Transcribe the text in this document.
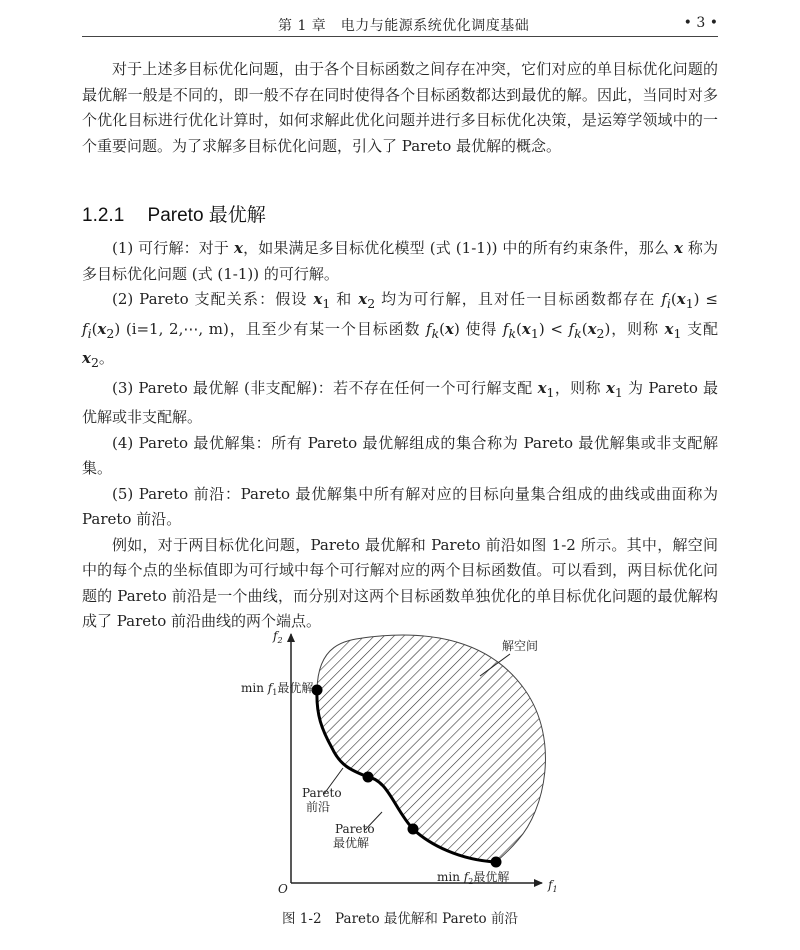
第 1 章　电力与能源系统优化调度基础	• 3 •

对于上述多目标优化问题，由于各个目标函数之间存在冲突，它们对应的单目标优化问题的最优解一般是不同的，即一般不存在同时使得各个目标函数都达到最优的解。因此，当同时对多个优化目标进行优化计算时，如何求解此优化问题并进行多目标优化决策，是运筹学领域中的一个重要问题。为了求解多目标优化问题，引入了 Pareto 最优解的概念。

1.2.1 Pareto 最优解

(1) 可行解：对于 x，如果满足多目标优化模型 (式 (1-1)) 中的所有约束条件，那么 x 称为多目标优化问题 (式 (1-1)) 的可行解。

(2) Pareto 支配关系：假设 $x_1$ 和 $x_2$ 均为可行解，且对任一目标函数都存在 $f_i(x_1) \le f_i(x_2)$ (i=1, 2,⋯, m)，且至少有某一个目标函数 $f_k(x)$ 使得 $f_k(x_1) < f_k(x_2)$，则称 $x_1$ 支配 $x_2$。

(3) Pareto 最优解 (非支配解)：若不存在任何一个可行解支配 $x_1$，则称 $x_1$ 为 Pareto 最优解或非支配解。

(4) Pareto 最优解集：所有 Pareto 最优解组成的集合称为 Pareto 最优解集或非支配解集。

(5) Pareto 前沿：Pareto 最优解集中所有解对应的目标向量集合组成的曲线或曲面称为 Pareto 前沿。

例如，对于两目标优化问题，Pareto 最优解和 Pareto 前沿如图 1-2 所示。其中，解空间中的每个点的坐标值即为可行域中每个可行解对应的两个目标函数值。可以看到，两目标优化问题的 Pareto 前沿是一个曲线，而分别对这两个目标函数单独优化的单目标优化问题的最优解构成了 Pareto 前沿曲线的两个端点。

$f_2$
$f_1$
O
解空间
$\min f_1$最优解
$\min f_2$最优解
Pareto
前沿
Pareto
最优解
图 1-2　Pareto 最优解和 Pareto 前沿
